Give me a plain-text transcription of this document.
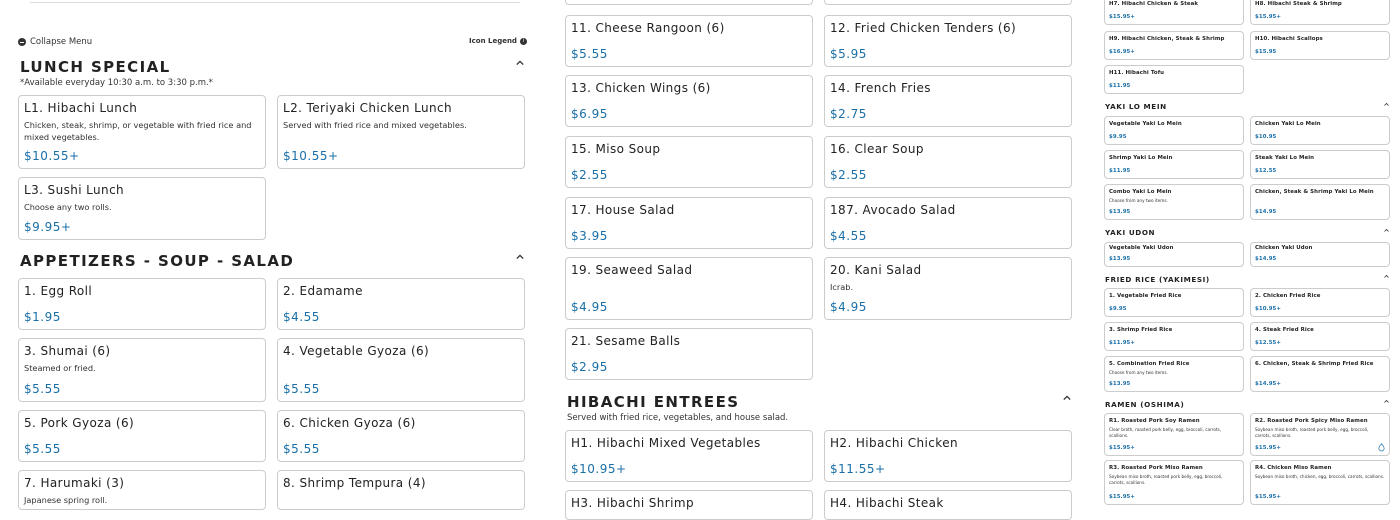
Collapse Menu	Icon Legend	i
LUNCH SPECIAL
*Available everyday 10:30 a.m. to 3:30 p.m.*
L1. Hibachi Lunch
Chicken, steak, shrimp, or vegetable with fried rice and mixed vegetables.
$10.55+
L2. Teriyaki Chicken Lunch
Served with fried rice and mixed vegetables.
$10.55+
L3. Sushi Lunch
Choose any two rolls.
$9.95+
APPETIZERS - SOUP - SALAD
1. Egg Roll
$1.95
2. Edamame
$4.55
3. Shumai (6)
Steamed or fried.
$5.55
4. Vegetable Gyoza (6)
$5.55
5. Pork Gyoza (6)
$5.55
6. Chicken Gyoza (6)
$5.55
7. Harumaki (3)
Japanese spring roll.
8. Shrimp Tempura (4)
11. Cheese Rangoon (6)
$5.55
12. Fried Chicken Tenders (6)
$5.95
13. Chicken Wings (6)
$6.95
14. French Fries
$2.75
15. Miso Soup
$2.55
16. Clear Soup
$2.55
17. House Salad
$3.95
187. Avocado Salad
$4.55
19. Seaweed Salad
$4.95
20. Kani Salad
Icrab.
$4.95
21. Sesame Balls
$2.95
HIBACHI ENTREES
Served with fried rice, vegetables, and house salad.
H1. Hibachi Mixed Vegetables
$10.95+
H2. Hibachi Chicken
$11.55+
H3. Hibachi Shrimp	H4. Hibachi Steak
H7. Hibachi Chicken & Steak
$15.95+
H8. Hibachi Steak & Shrimp
$15.95+
H9. Hibachi Chicken, Steak & Shrimp
$16.95+
H10. Hibachi Scallops
$15.95
H11. Hibachi Tofu
$11.95
YAKI LO MEIN
Vegetable Yaki Lo Mein
$9.95
Chicken Yaki Lo Mein
$10.95
Shrimp Yaki Lo Mein
$11.95
Steak Yaki Lo Mein
$12.55
Combo Yaki Lo Mein
Choose from any two items.
$13.95
Chicken, Steak & Shrimp Yaki Lo Mein
$14.95
YAKI UDON
Vegetable Yaki Udon
$13.95
Chicken Yaki Udon
$14.95
FRIED RICE (YAKIMESI)
1. Vegetable Fried Rice
$9.95
2. Chicken Fried Rice
$10.95+
3. Shrimp Fried Rice
$11.95+
4. Steak Fried Rice
$12.55+
5. Combination Fried Rice
Choose from any two items.
$13.95
6. Chicken, Steak & Shrimp Fried Rice
$14.95+
RAMEN (OSHIMA)
R1. Roasted Pork Soy Ramen
Clear broth, roasted pork belly, egg, broccoli, carrots, scallions.
$15.95+
R2. Roasted Pork Spicy Miso Ramen
Soybean miso broth, roasted pork belly, egg, broccoli, carrots, scallions.
$15.95+
R3. Roasted Pork Miso Ramen
Soybean miso broth, roasted pork belly, egg, broccoli, carrots, scallions.
$15.95+
R4. Chicken Miso Ramen
Soybean miso broth, chicken, egg, broccoli, carrots, scallions.
$15.95+
